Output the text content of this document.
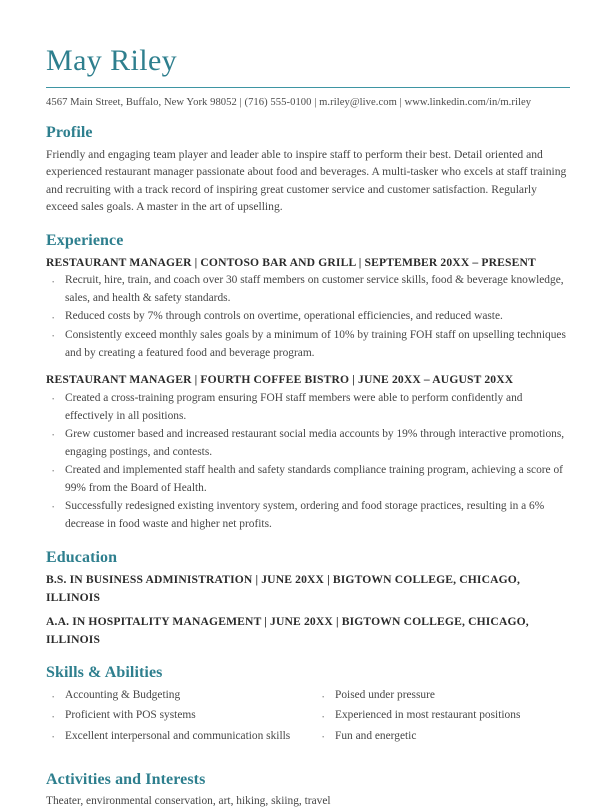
May Riley
4567 Main Street, Buffalo, New York 98052 | (716) 555-0100 | m.riley@live.com | www.linkedin.com/in/m.riley
Profile

Friendly and engaging team player and leader able to inspire staff to perform their best. Detail oriented and experienced restaurant manager passionate about food and beverages. A multi-tasker who excels at staff training and recruiting with a track record of inspiring great customer service and customer satisfaction. Regularly exceed sales goals. A master in the art of upselling.

Experience
RESTAURANT MANAGER | CONTOSO BAR AND GRILL | SEPTEMBER 20XX – PRESENT
· Recruit, hire, train, and coach over 30 staff members on customer service skills, food & beverage knowledge, sales, and health & safety standards.
· Reduced costs by 7% through controls on overtime, operational efficiencies, and reduced waste.
· Consistently exceed monthly sales goals by a minimum of 10% by training FOH staff on upselling techniques and by creating a featured food and beverage program.
RESTAURANT MANAGER | FOURTH COFFEE BISTRO | JUNE 20XX – AUGUST 20XX
· Created a cross-training program ensuring FOH staff members were able to perform confidently and effectively in all positions.
· Grew customer based and increased restaurant social media accounts by 19% through interactive promotions, engaging postings, and contests.
· Created and implemented staff health and safety standards compliance training program, achieving a score of 99% from the Board of Health.
· Successfully redesigned existing inventory system, ordering and food storage practices, resulting in a 6% decrease in food waste and higher net profits.
Education
B.S. IN BUSINESS ADMINISTRATION | JUNE 20XX | BIGTOWN COLLEGE, CHICAGO, ILLINOIS
A.A. IN HOSPITALITY MANAGEMENT | JUNE 20XX | BIGTOWN COLLEGE, CHICAGO, ILLINOIS
Skills & Abilities
· Accounting & Budgeting
· Proficient with POS systems
· Excellent interpersonal and communication skills
· Poised under pressure
· Experienced in most restaurant positions
· Fun and energetic
Activities and Interests

Theater, environmental conservation, art, hiking, skiing, travel
